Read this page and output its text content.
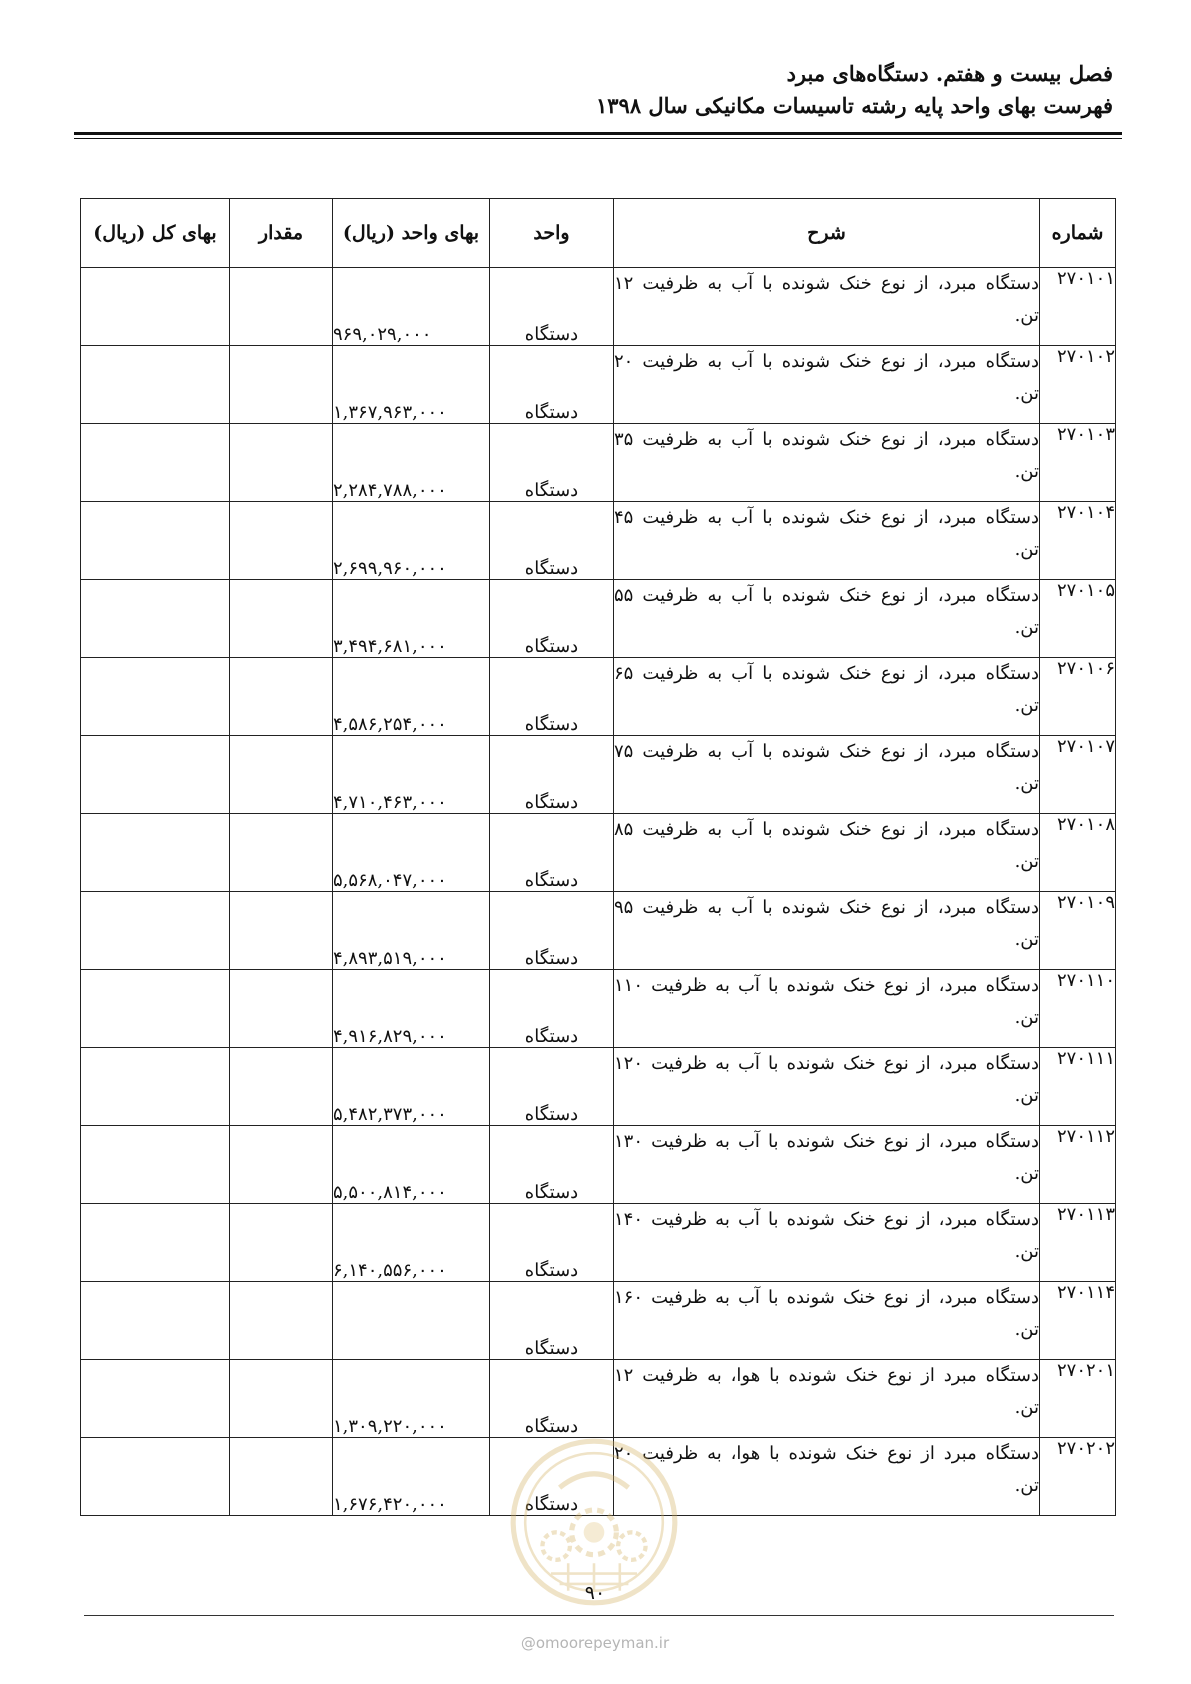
فصل بیست و هفتم. دستگاه‌های مبرد
فهرست بهای واحد پایه رشته تاسیسات مکانیکی سال ۱۳۹۸
شماره	شرح	واحد	بهای واحد (ریال)	مقدار	بهای کل (ریال)
۲۷۰۱۰۱	دستگاه مبرد، از نوع خنک شونده با آب به ظرفیت ۱۲
تن.	دستگاه	۹۶۹,۰۲۹,۰۰۰		
۲۷۰۱۰۲	دستگاه مبرد، از نوع خنک شونده با آب به ظرفیت ۲۰
تن.	دستگاه	۱,۳۶۷,۹۶۳,۰۰۰		
۲۷۰۱۰۳	دستگاه مبرد، از نوع خنک شونده با آب به ظرفیت ۳۵
تن.	دستگاه	۲,۲۸۴,۷۸۸,۰۰۰		
۲۷۰۱۰۴	دستگاه مبرد، از نوع خنک شونده با آب به ظرفیت ۴۵
تن.	دستگاه	۲,۶۹۹,۹۶۰,۰۰۰		
۲۷۰۱۰۵	دستگاه مبرد، از نوع خنک شونده با آب به ظرفیت ۵۵
تن.	دستگاه	۳,۴۹۴,۶۸۱,۰۰۰		
۲۷۰۱۰۶	دستگاه مبرد، از نوع خنک شونده با آب به ظرفیت ۶۵
تن.	دستگاه	۴,۵۸۶,۲۵۴,۰۰۰		
۲۷۰۱۰۷	دستگاه مبرد، از نوع خنک شونده با آب به ظرفیت ۷۵
تن.	دستگاه	۴,۷۱۰,۴۶۳,۰۰۰		
۲۷۰۱۰۸	دستگاه مبرد، از نوع خنک شونده با آب به ظرفیت ۸۵
تن.	دستگاه	۵,۵۶۸,۰۴۷,۰۰۰		
۲۷۰۱۰۹	دستگاه مبرد، از نوع خنک شونده با آب به ظرفیت ۹۵
تن.	دستگاه	۴,۸۹۳,۵۱۹,۰۰۰		
۲۷۰۱۱۰	دستگاه مبرد، از نوع خنک شونده با آب به ظرفیت ۱۱۰
تن.	دستگاه	۴,۹۱۶,۸۲۹,۰۰۰		
۲۷۰۱۱۱	دستگاه مبرد، از نوع خنک شونده با آب به ظرفیت ۱۲۰
تن.	دستگاه	۵,۴۸۲,۳۷۳,۰۰۰		
۲۷۰۱۱۲	دستگاه مبرد، از نوع خنک شونده با آب به ظرفیت ۱۳۰
تن.	دستگاه	۵,۵۰۰,۸۱۴,۰۰۰		
۲۷۰۱۱۳	دستگاه مبرد، از نوع خنک شونده با آب به ظرفیت ۱۴۰
تن.	دستگاه	۶,۱۴۰,۵۵۶,۰۰۰		
۲۷۰۱۱۴	دستگاه مبرد، از نوع خنک شونده با آب به ظرفیت ۱۶۰
تن.	دستگاه			
۲۷۰۲۰۱	دستگاه مبرد از نوع خنک شونده با هوا، به ظرفیت ۱۲
تن.	دستگاه	۱,۳۰۹,۲۲۰,۰۰۰		
۲۷۰۲۰۲	دستگاه مبرد از نوع خنک شونده با هوا، به ظرفیت ۲۰
تن.	دستگاه	۱,۶۷۶,۴۲۰,۰۰۰		
۹۰
@omoorepeyman.ir
